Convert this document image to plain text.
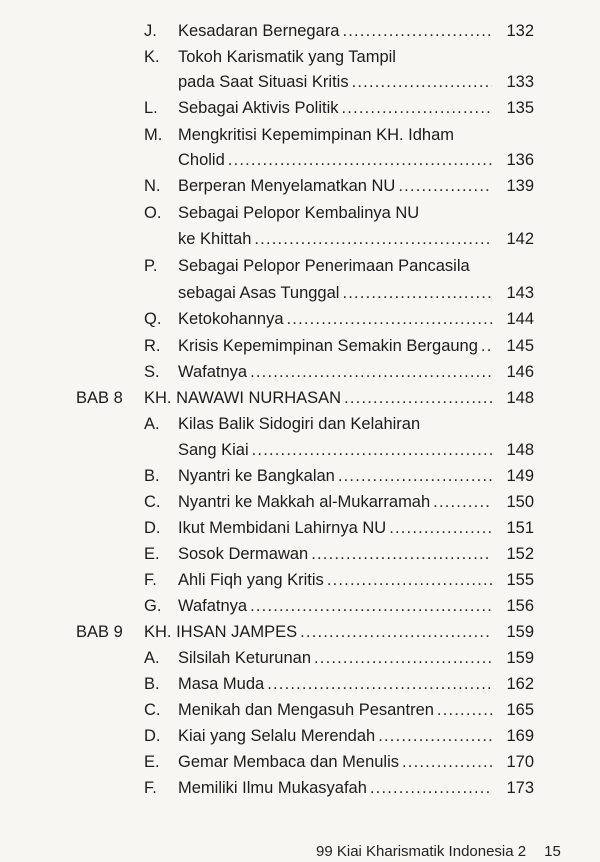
J. Kesadaran Bernegara .....	132
K. Tokoh Karismatik yang Tampil
pada Saat Situasi Kritis .....	133
L. Sebagai Aktivis Politik .....	135
M. Mengkritisi Kepemimpinan KH. Idham
Cholid .....	136
N. Berperan Menyelamatkan NU .....	139
O. Sebagai Pelopor Kembalinya NU
ke Khittah .....	142
P. Sebagai Pelopor Penerimaan Pancasila
sebagai Asas Tunggal .....	143
Q. Ketokohannya .....	144
R. Krisis Kepemimpinan Semakin Bergaung ..... 145
S. Wafatnya .....	146
BAB 8 KH. NAWAWI NURHASAN .....	148
A. Kilas Balik Sidogiri dan Kelahiran
Sang Kiai .....	148
B. Nyantri ke Bangkalan .....	149
C. Nyantri ke Makkah al-Mukarramah .....	150
D. Ikut Membidani Lahirnya NU .....	151
E. Sosok Dermawan .....	152
F. Ahli Fiqh yang Kritis .....	155
G. Wafatnya .....	156
BAB 9 KH. IHSAN JAMPES .....	159
A. Silsilah Keturunan .....	159
B. Masa Muda .....	162
C. Menikah dan Mengasuh Pesantren .....	165
D. Kiai yang Selalu Merendah .....	169
E. Gemar Membaca dan Menulis .....	170
F. Memiliki Ilmu Mukasyafah .....	173
99 Kiai Kharismatik Indonesia 2 15
